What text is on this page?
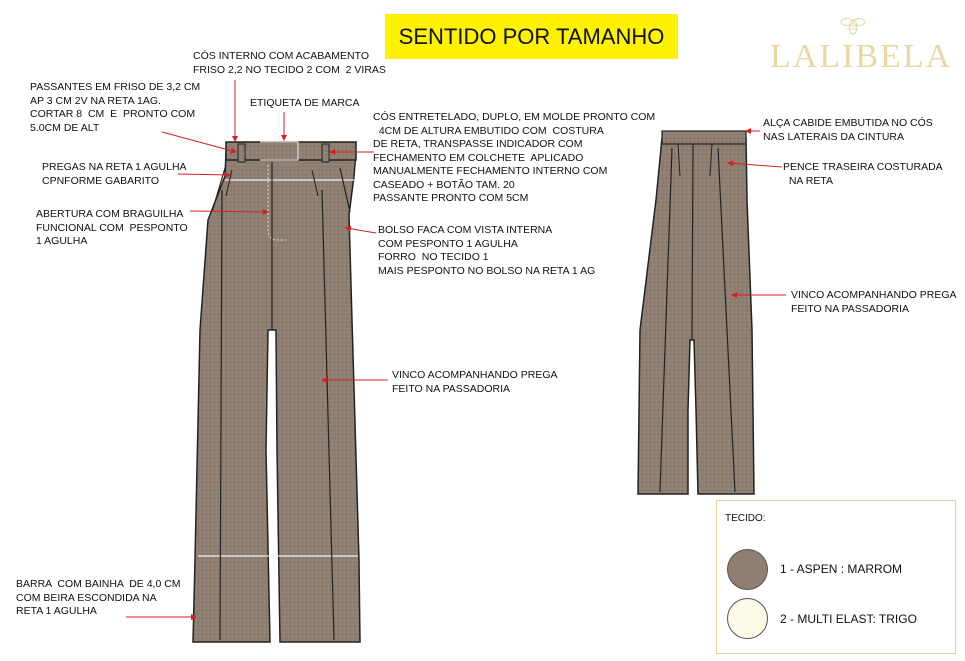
SENTIDO POR TAMANHO
LALIBELA
CÓS INTERNO COM ACABAMENTO
FRISO 2,2 NO TECIDO 2 COM  2 VIRAS
PASSANTES EM FRISO DE 3,2 CM
AP 3 CM 2V NA RETA 1AG.
CORTAR 8  CM  E  PRONTO COM
5.0CM DE ALT
ETIQUETA DE MARCA
CÓS ENTRETELADO, DUPLO, EM MOLDE PRONTO COM
4CM DE ALTURA EMBUTIDO COM  COSTURA
DE RETA, TRANSPASSE INDICADOR COM
FECHAMENTO EM COLCHETE  APLICADO
MANUALMENTE FECHAMENTO INTERNO COM
CASEADO + BOTÃO TAM. 20
PASSANTE PRONTO COM 5CM
PREGAS NA RETA 1 AGULHA
CPNFORME GABARITO
ABERTURA COM BRAGUILHA
FUNCIONAL COM  PESPONTO
1 AGULHA
BOLSO FACA COM VISTA INTERNA
COM PESPONTO 1 AGULHA
FORRO  NO TECIDO 1
MAIS PESPONTO NO BOLSO NA RETA 1 AG
VINCO ACOMPANHANDO PREGA
FEITO NA PASSADORIA
BARRA  COM BAINHA  DE 4,0 CM
COM BEIRA ESCONDIDA NA
RETA 1 AGULHA
ALÇA CABIDE EMBUTIDA NO CÓS
NAS LATERAIS DA CINTURA
PENCE TRASEIRA COSTURADA
NA RETA
VINCO ACOMPANHANDO PREGA
FEITO NA PASSADORIA
TECIDO:
1 - ASPEN : MARROM
2 - MULTI ELAST: TRIGO
